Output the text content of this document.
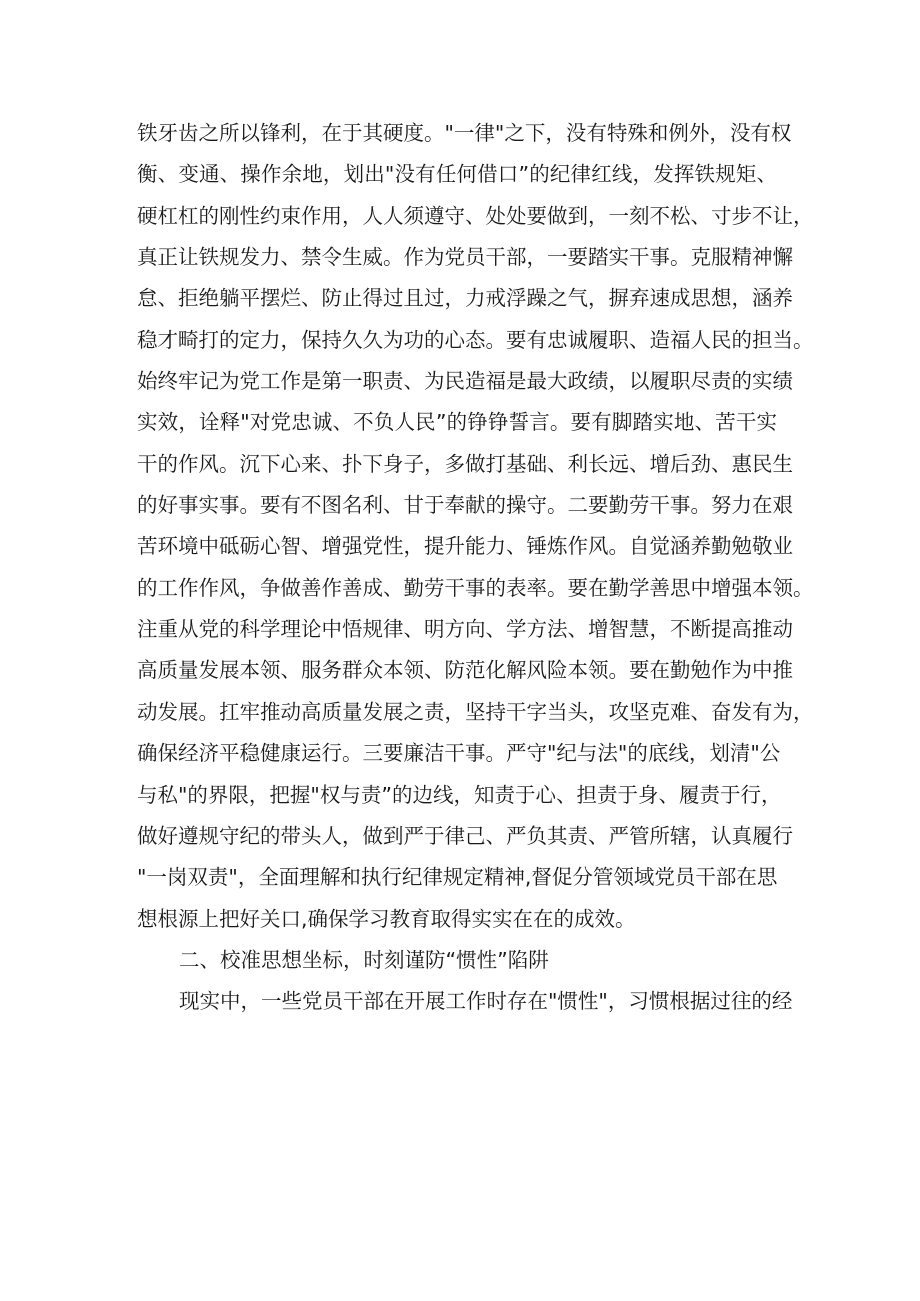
铁牙齿之所以锋利，在于其硬度。"一律"之下，没有特殊和例外，没有权
衡、变通、操作余地，划出"没有任何借口”的纪律红线，发挥铁规矩、
硬杠杠的刚性约束作用，人人须遵守、处处要做到，一刻不松、寸步不让，
真正让铁规发力、禁令生威。作为党员干部，一要踏实干事。克服精神懈
怠、拒绝躺平摆烂、防止得过且过，力戒浮躁之气，摒弃速成思想，涵养
稳才畸打的定力，保持久久为功的心态。要有忠诚履职、造福人民的担当。
始终牢记为党工作是第一职责、为民造福是最大政绩，以履职尽责的实绩
实效，诠释"对党忠诚、不负人民”的铮铮誓言。要有脚踏实地、苦干实
干的作风。沉下心来、扑下身子，多做打基础、利长远、增后劲、惠民生
的好事实事。要有不图名利、甘于奉献的操守。二要勤劳干事。努力在艰
苦环境中砥砺心智、增强党性，提升能力、锤炼作风。自觉涵养勤勉敬业
的工作作风，争做善作善成、勤劳干事的表率。要在勤学善思中增强本领。
注重从党的科学理论中悟规律、明方向、学方法、增智慧，不断提高推动
高质量发展本领、服务群众本领、防范化解风险本领。要在勤勉作为中推
动发展。扛牢推动高质量发展之责，坚持干字当头，攻坚克难、奋发有为，
确保经济平稳健康运行。三要廉洁干事。严守"纪与法"的底线，划清"公
与私"的界限，把握"权与责”的边线，知责于心、担责于身、履责于行，
做好遵规守纪的带头人，做到严于律己、严负其责、严管所辖，认真履行
"一岗双责"，全面理解和执行纪律规定精神,督促分管领域党员干部在思
想根源上把好关口,确保学习教育取得实实在在的成效。
二、校准思想坐标，时刻谨防“惯性”陷阱
现实中，一些党员干部在开展工作时存在"惯性"，习惯根据过往的经
